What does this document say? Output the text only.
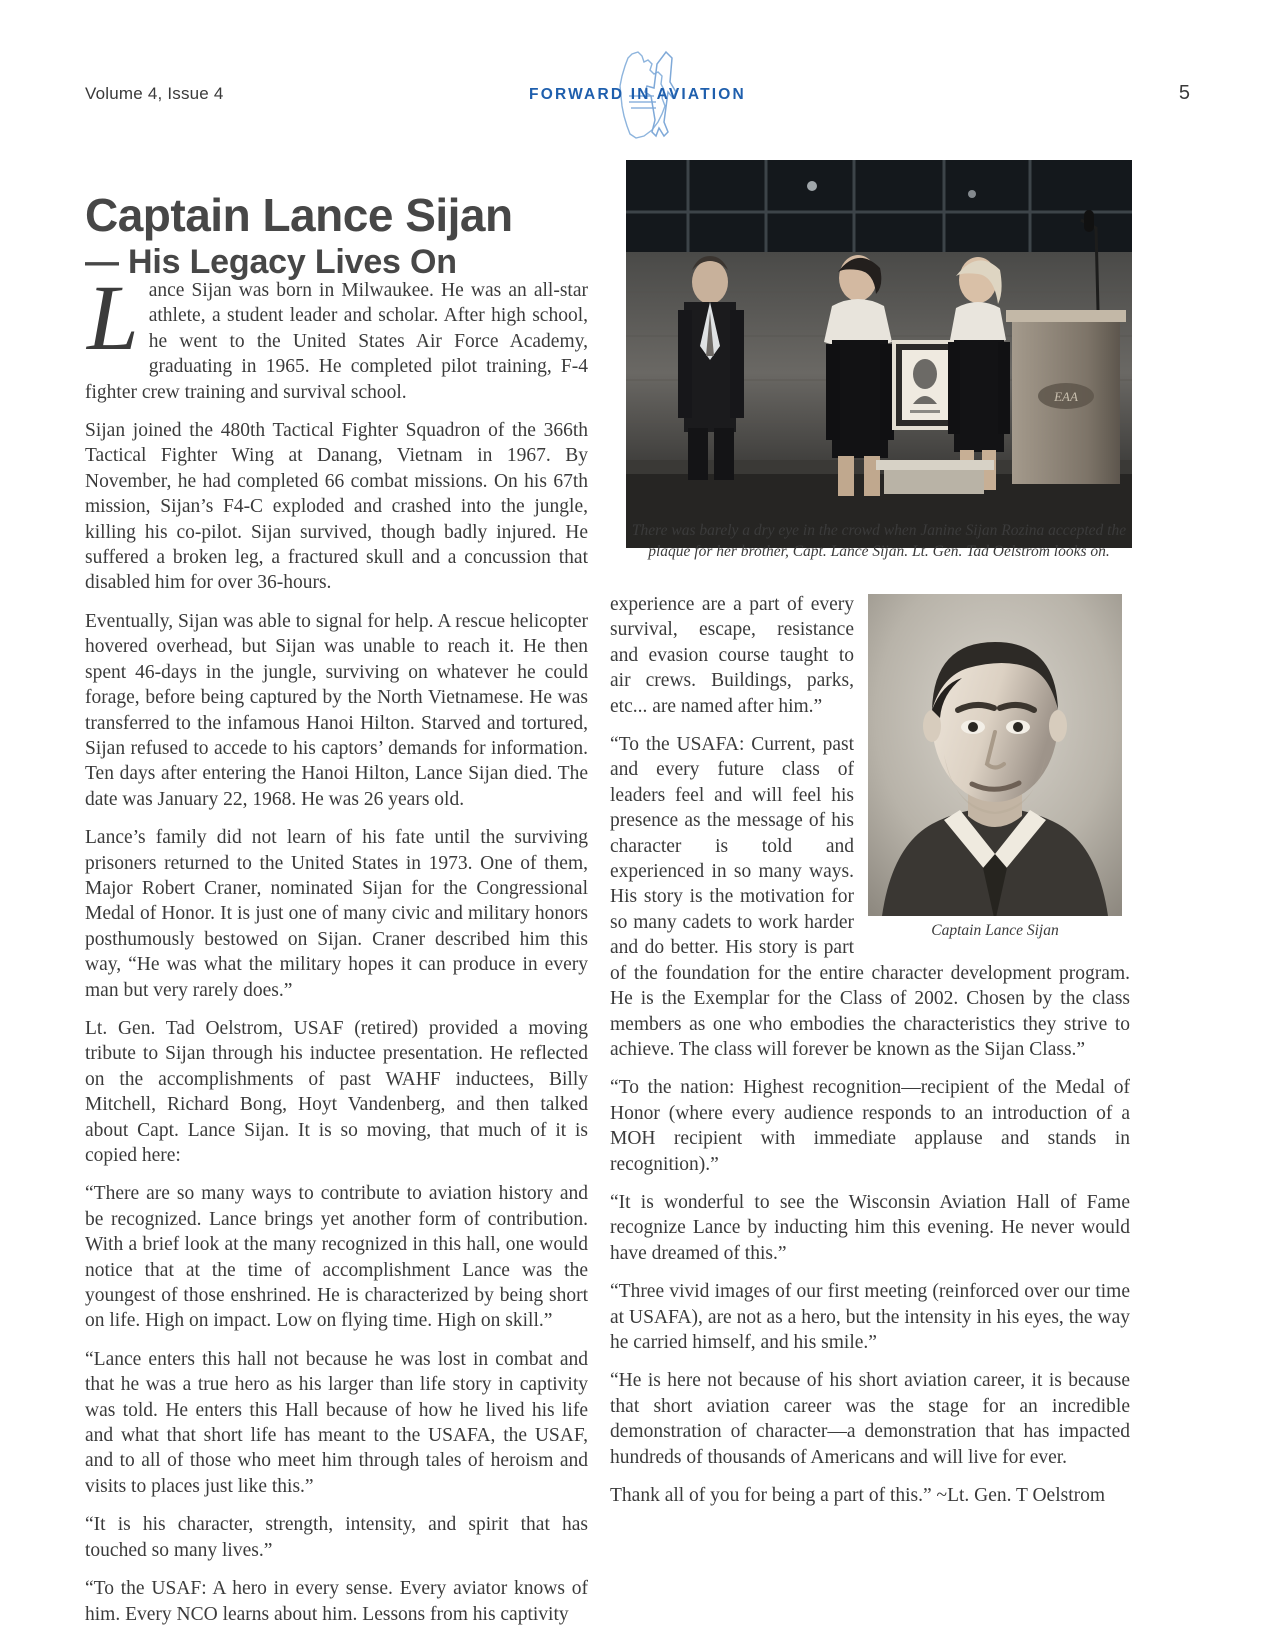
Volume 4, Issue 4	FORWARD IN AVIATION	5
Captain Lance Sijan
— His Legacy Lives On
EAA
There was barely a dry eye in the crowd when Janine Sijan Rozina accepted the plaque for her brother, Capt. Lance Sijan. Lt. Gen. Tad Oelstrom looks on.

Lance Sijan was born in Milwaukee. He was an all-star athlete, a student leader and scholar. After high school, he went to the United States Air Force Academy, graduating in 1965. He completed pilot training, F-4 fighter crew training and survival school.

Sijan joined the 480th Tactical Fighter Squadron of the 366th Tactical Fighter Wing at Danang, Vietnam in 1967. By November, he had completed 66 combat missions. On his 67th mission, Sijan’s F4-C exploded and crashed into the jungle, killing his co-pilot. Sijan survived, though badly injured. He suffered a broken leg, a fractured skull and a concussion that disabled him for over 36-hours.

Eventually, Sijan was able to signal for help. A rescue helicopter hovered overhead, but Sijan was unable to reach it. He then spent 46-days in the jungle, surviving on whatever he could forage, before being captured by the North Vietnamese. He was transferred to the infamous Hanoi Hilton. Starved and tortured, Sijan refused to accede to his captors’ demands for information. Ten days after entering the Hanoi Hilton, Lance Sijan died. The date was January 22, 1968. He was 26 years old.

Lance’s family did not learn of his fate until the surviving prisoners returned to the United States in 1973. One of them, Major Robert Craner, nominated Sijan for the Congressional Medal of Honor. It is just one of many civic and military honors posthumously bestowed on Sijan. Craner described him this way, “He was what the military hopes it can produce in every man but very rarely does.”

Lt. Gen. Tad Oelstrom, USAF (retired) provided a moving tribute to Sijan through his inductee presentation. He reflected on the accomplishments of past WAHF inductees, Billy Mitchell, Richard Bong, Hoyt Vandenberg, and then talked about Capt. Lance Sijan. It is so moving, that much of it is copied here:

“There are so many ways to contribute to aviation history and be recognized. Lance brings yet another form of contribution. With a brief look at the many recognized in this hall, one would notice that at the time of accomplishment Lance was the youngest of those enshrined. He is characterized by being short on life. High on impact. Low on flying time. High on skill.”

“Lance enters this hall not because he was lost in combat and that he was a true hero as his larger than life story in captivity was told. He enters this Hall because of how he lived his life and what that short life has meant to the USAFA, the USAF, and to all of those who meet him through tales of heroism and visits to places just like this.”

“It is his character, strength, intensity, and spirit that has touched so many lives.”

“To the USAF: A hero in every sense. Every aviator knows of him. Every NCO learns about him. Lessons from his captivity

Captain Lance Sijan

experience are a part of every survival, escape, resistance and evasion course taught to air crews. Buildings, parks, etc... are named after him.”

“To the USAFA: Current, past and every future class of leaders feel and will feel his presence as the message of his character is told and experienced in so many ways. His story is the motivation for so many cadets to work harder and do better. His story is part of the foundation for the entire character development program. He is the Exemplar for the Class of 2002. Chosen by the class members as one who embodies the characteristics they strive to achieve. The class will forever be known as the Sijan Class.”

“To the nation: Highest recognition—recipient of the Medal of Honor (where every audience responds to an introduction of a MOH recipient with immediate applause and stands in recognition).”

“It is wonderful to see the Wisconsin Aviation Hall of Fame recognize Lance by inducting him this evening. He never would have dreamed of this.”

“Three vivid images of our first meeting (reinforced over our time at USAFA), are not as a hero, but the intensity in his eyes, the way he carried himself, and his smile.”

“He is here not because of his short aviation career, it is because that short aviation career was the stage for an incredible demonstration of character—a demonstration that has impacted hundreds of thousands of Americans and will live for ever.

Thank all of you for being a part of this.” ~Lt. Gen. T Oelstrom
